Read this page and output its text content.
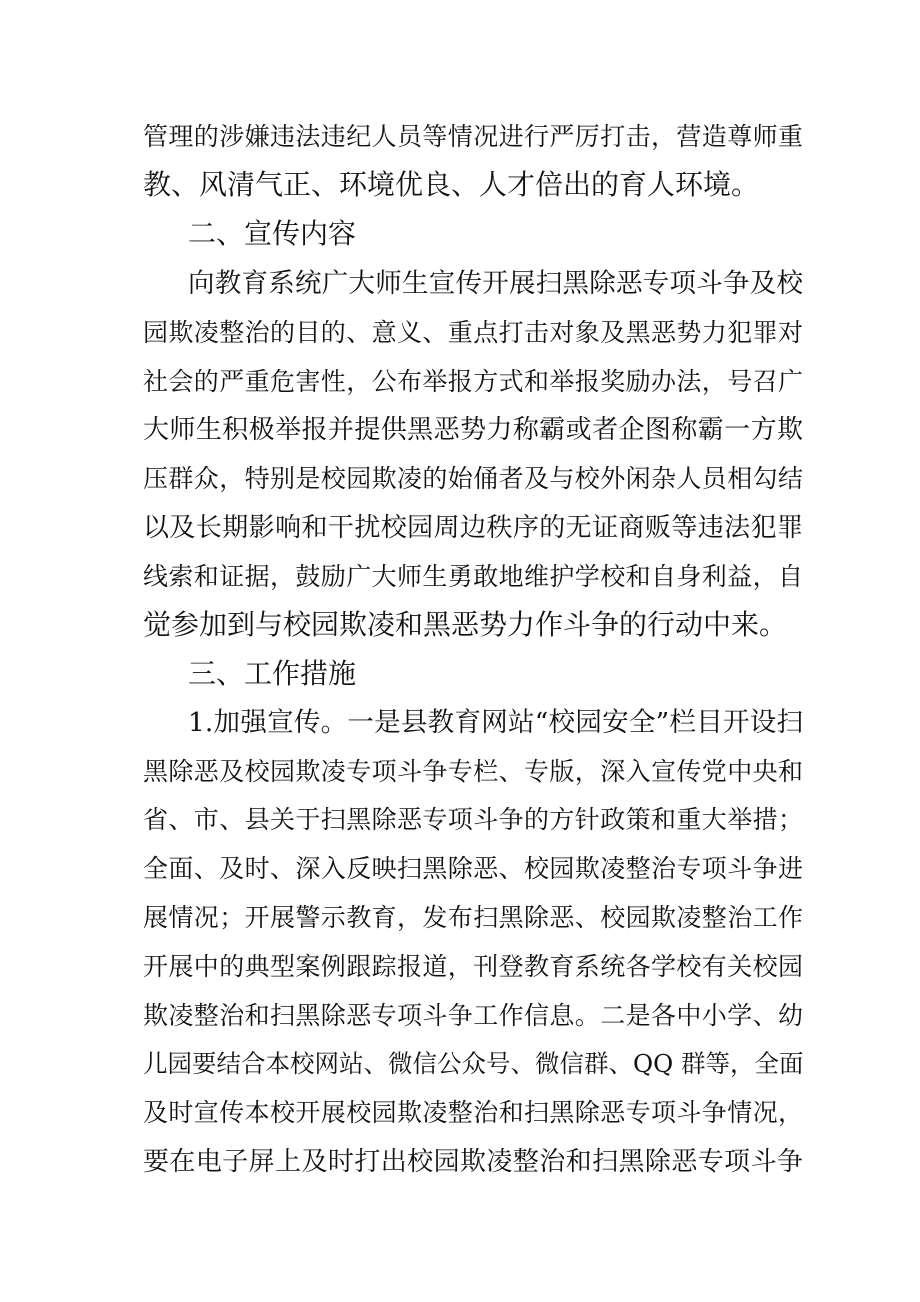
管理的涉嫌违法违纪人员等情况进行严厉打击，营造尊师重
教、风清气正、环境优良、人才倍出的育人环境。
二、宣传内容
向教育系统广大师生宣传开展扫黑除恶专项斗争及校
园欺凌整治的目的、意义、重点打击对象及黑恶势力犯罪对
社会的严重危害性，公布举报方式和举报奖励办法，号召广
大师生积极举报并提供黑恶势力称霸或者企图称霸一方欺
压群众，特别是校园欺凌的始俑者及与校外闲杂人员相勾结
以及长期影响和干扰校园周边秩序的无证商贩等违法犯罪
线索和证据，鼓励广大师生勇敢地维护学校和自身利益，自
觉参加到与校园欺凌和黑恶势力作斗争的行动中来。
三、工作措施
1.加强宣传。一是县教育网站“校园安全”栏目开设扫
黑除恶及校园欺凌专项斗争专栏、专版，深入宣传党中央和
省、市、县关于扫黑除恶专项斗争的方针政策和重大举措；
全面、及时、深入反映扫黑除恶、校园欺凌整治专项斗争进
展情况；开展警示教育，发布扫黑除恶、校园欺凌整治工作
开展中的典型案例跟踪报道，刊登教育系统各学校有关校园
欺凌整治和扫黑除恶专项斗争工作信息。二是各中小学、幼
儿园要结合本校网站、微信公众号、微信群、QQ 群等，全面
及时宣传本校开展校园欺凌整治和扫黑除恶专项斗争情况，
要在电子屏上及时打出校园欺凌整治和扫黑除恶专项斗争
